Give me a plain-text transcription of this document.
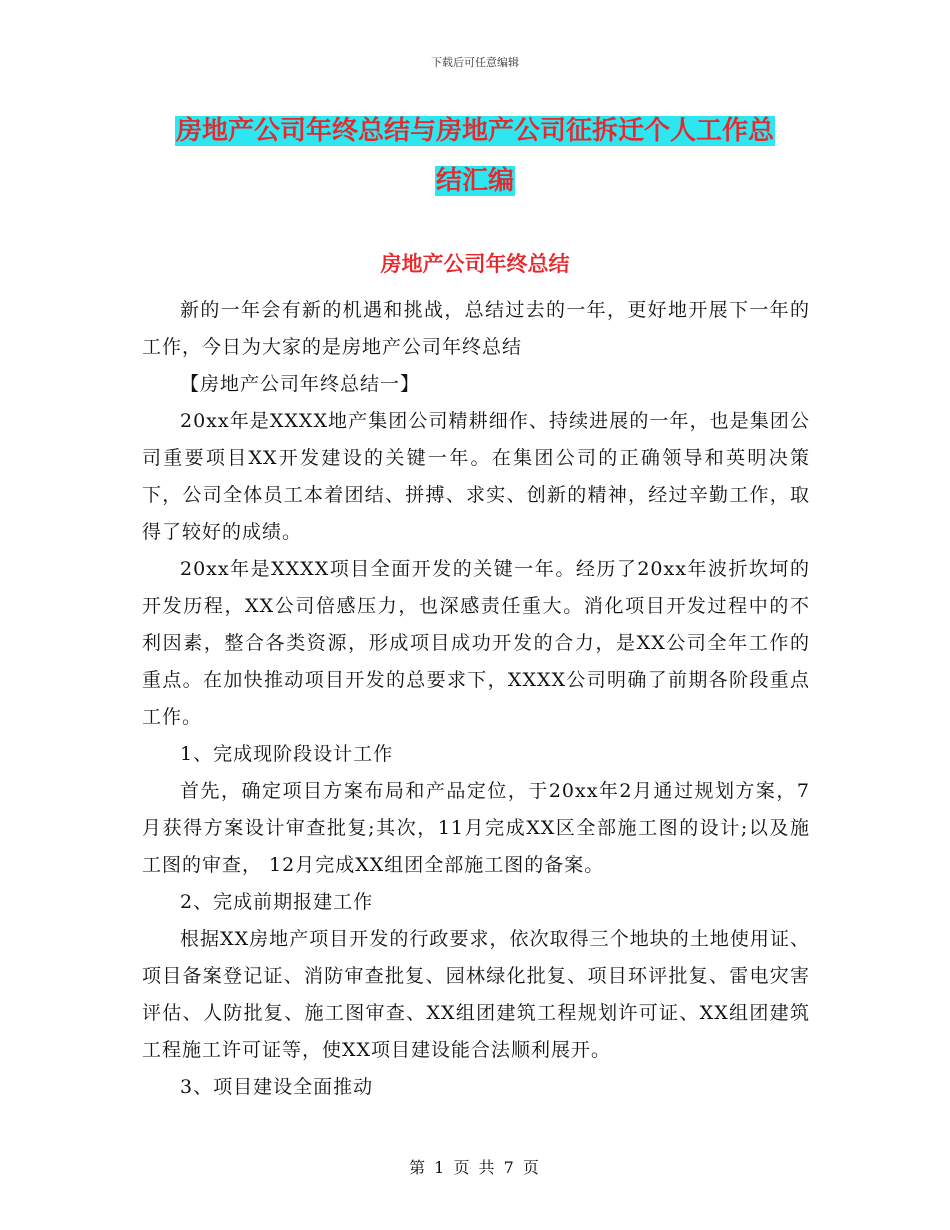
下载后可任意编辑
房地产公司年终总结与房地产公司征拆迁个人工作总
结汇编
房地产公司年终总结

新的一年会有新的机遇和挑战，总结过去的一年，更好地开展下一年的工作，今日为大家的是房地产公司年终总结

【房地产公司年终总结一】

20xx年是XXXX地产集团公司精耕细作、持续进展的一年，也是集团公司重要项目XX开发建设的关键一年。在集团公司的正确领导和英明决策下，公司全体员工本着团结、拼搏、求实、创新的精神，经过辛勤工作，取得了较好的成绩。

20xx年是XXXX项目全面开发的关键一年。经历了20xx年波折坎坷的开发历程，XX公司倍感压力，也深感责任重大。消化项目开发过程中的不利因素，整合各类资源，形成项目成功开发的合力，是XX公司全年工作的重点。在加快推动项目开发的总要求下，XXXX公司明确了前期各阶段重点工作。

1、完成现阶段设计工作

首先，确定项目方案布局和产品定位，于20xx年2月通过规划方案，7月获得方案设计审查批复;其次，11月完成XX区全部施工图的设计;以及施工图的审查， 12月完成XX组团全部施工图的备案。

2、完成前期报建工作

根据XX房地产项目开发的行政要求，依次取得三个地块的土地使用证、项目备案登记证、消防审查批复、园林绿化批复、项目环评批复、雷电灾害评估、人防批复、施工图审查、XX组团建筑工程规划许可证、XX组团建筑工程施工许可证等，使XX项目建设能合法顺利展开。

3、项目建设全面推动

第 1 页 共 7 页
